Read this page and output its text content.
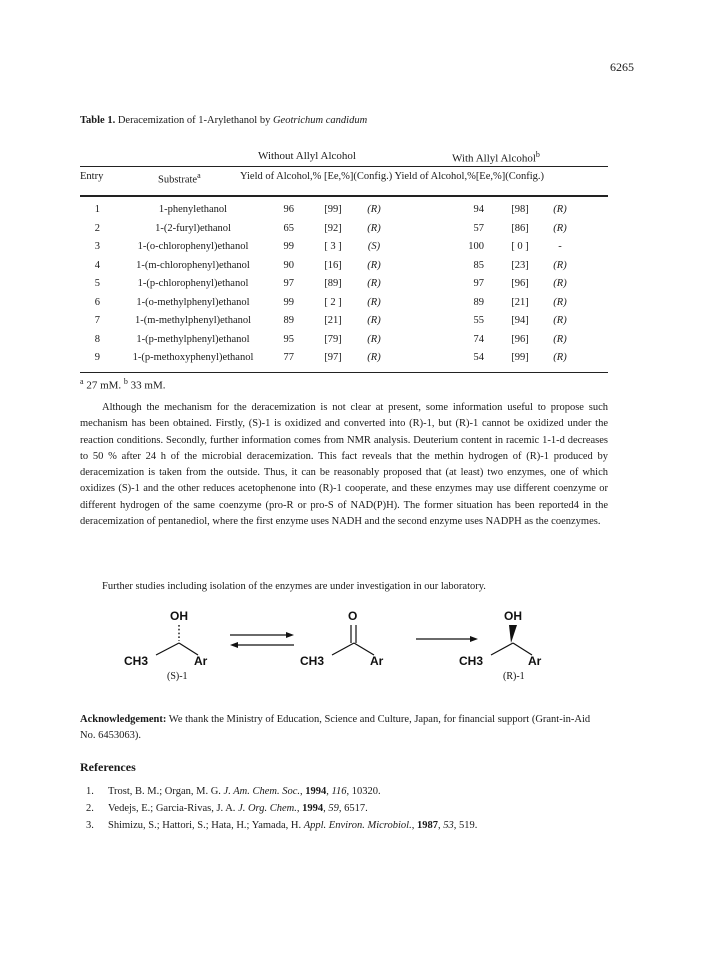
6265
Table 1. Deracemization of 1-Arylethanol by Geotrichum candidum
Without Allyl Alcohol	With Allyl Alcohol$^b$
Entry	Substrate$^a$	Yield of Alcohol,% [Ee,%](Config.) Yield of Alcohol,%[Ee,%](Config.)
1	1-phenylethanol	96	[99]	(R)	94	[98]	(R)
2	1-(2-furyl)ethanol	65	[92]	(R)	57	[86]	(R)
3	1-(o-chlorophenyl)ethanol	99	[ 3 ]	(S)	100	[ 0 ]	-
4	1-(m-chlorophenyl)ethanol	90	[16]	(R)	85	[23]	(R)
5	1-(p-chlorophenyl)ethanol	97	[89]	(R)	97	[96]	(R)
6	1-(o-methylphenyl)ethanol	99	[ 2 ]	(R)	89	[21]	(R)
7	1-(m-methylphenyl)ethanol	89	[21]	(R)	55	[94]	(R)
8	1-(p-methylphenyl)ethanol	95	[79]	(R)	74	[96]	(R)
9	1-(p-methoxyphenyl)ethanol	77	[97]	(R)	54	[99]	(R)
$^a$ 27 mM. $^b$ 33 mM.
Although the mechanism for the deracemization is not clear at present, some information useful to propose such mechanism has been obtained. Firstly, (S)-1 is oxidized and converted into (R)-1, but (R)-1 cannot be oxidized under the reaction conditions. Secondly, further information comes from NMR analysis. Deuterium content in racemic 1-1-d decreases to 50 % after 24 h of the microbial deracemization. This fact reveals that the methin hydrogen of (R)-1 produced by deracemization is taken from the outside. Thus, it can be reasonably proposed that (at least) two enzymes, one of which oxidizes (S)-1 and the other reduces acetophenone into (R)-1 cooperate, and these enzymes may use different coenzyme or different hydrogen of the same coenzyme (pro-R or pro-S of NAD(P)H). The former situation has been reported4 in the deracemization of pentanediol, where the first enzyme uses NADH and the second enzyme uses NADPH as the coenzymes.
Further studies including isolation of the enzymes are under investigation in our laboratory.
OH
CH3	Ar
(S)-1
O
CH3	Ar
OH
CH3	Ar
(R)-1
Acknowledgement: We thank the Ministry of Education, Science and Culture, Japan, for financial support (Grant-in-Aid No. 6453063).
References
1. Trost, B. M.; Organ, M. G. J. Am. Chem. Soc., 1994, 116, 10320.
2. Vedejs, E.; Garcia-Rivas, J. A. J. Org. Chem., 1994, 59, 6517.
3. Shimizu, S.; Hattori, S.; Hata, H.; Yamada, H. Appl. Environ. Microbiol., 1987, 53, 519.
